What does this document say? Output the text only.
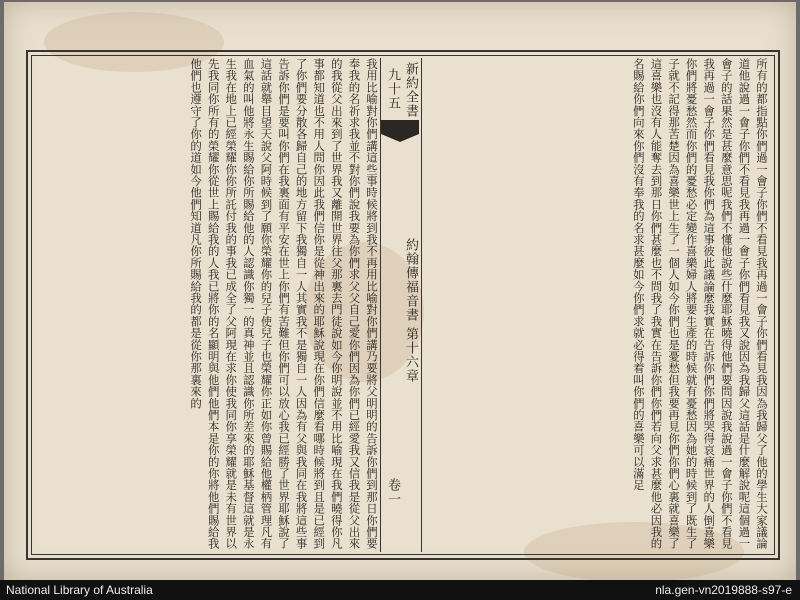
所有的都指點你們過一會子你們不看見我再過一會子你們看見我因為我歸父了他的學生大家議論道他說過一會子你們不看見我再過一會子你們看見我又說因為我歸父這話是什麼解說呢這個過一會子的話果然是甚麼意思呢我們不懂他說些什麼耶穌曉得他們要問因說我說過一會子你們不看見我再過一會子你們看見我你們為這事彼此議論麼我實在告訴你們你們將哭得哀痛世界的人倒喜樂你們將憂愁然而你們的憂愁必定變作喜樂婦人將要生產的時候就有憂愁因為她的時候到了既生了子就不記得那苦楚因為喜樂世上生了一個人如今你們也是憂愁但我要再見你們你們心裏就喜樂了這喜樂也沒有人能奪去到那日你們甚麼也不問我了我實在告訴你們你們若向父求甚麼他必因我的名賜給你們向來你們沒有奉我的名求甚麼如今你們求就必得着叫你們的喜樂可以滿足
新約全書
約翰傳福音書 第十六章
九十五
卷一
我用比喻對你們講這些事時候將到我不再用比喻對你們講乃要將父明明的告訴你們到那日你們要奉我的名祈求我並不對你們說我要為你們求父父自己愛你們因為你們已經愛我又信我是從父出來的我從父出來到了世界我又離開世界往父那裏去門徒說如今你明說並不用比喻現在我們曉得你凡事都知道也不用人問你因此我們信你是從神出來的耶穌說現在你們信麼看哪時候將到且是已經到了你們要分散各歸自己的地方留下我獨自一人其實我不是獨自一人因為有父與我同在我將這些事告訴你們是要叫你們在我裏面有平安在世上你們有苦難但你們可以放心我已經勝了世界耶穌說了這話就舉目望天說父阿時候到了願你榮耀你的兒子使兒子也榮耀你正如你曾賜給他權柄管理凡有血氣的叫他將永生賜給你所賜給他的人認識你獨一的真神並且認識你所差來的耶穌基督這就是永生我在地上已經榮耀你你所託付我的事我已成全了父阿現在求你使我同你享榮耀就是未有世界以先我同你所有的榮耀你從世上賜給我的人我已將你的名顯明與他們他們本是你的你將他們賜給我他們也遵守了你的道如今他們知道凡你所賜給我的都是從你那裏來的
National Library of Australia	nla.gen-vn2019888-s97-e
